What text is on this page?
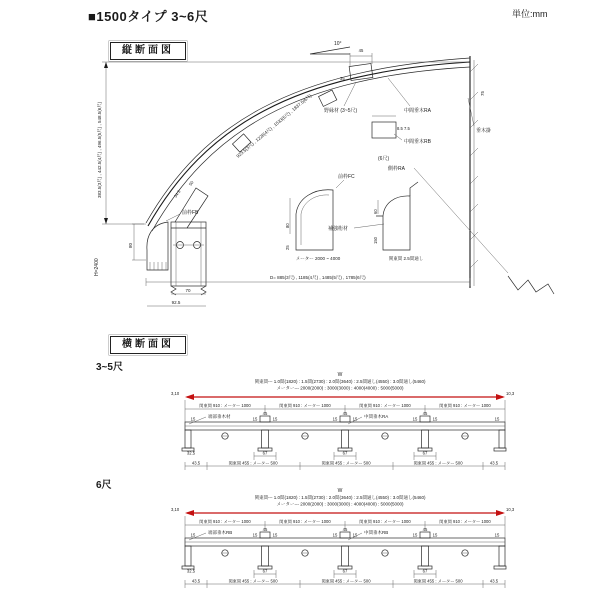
■1500タイプ 3~6尺	単位:mm
縦断面図
10°
383.5(3尺) , 442.5(4尺) , 496.5(5尺) , 548.5(6尺)	923.5(3尺) , 1228(4尺) , 1533(5尺) , 1837.5(6尺)
H=2400
50
34.5
80
70
92.5
前枠FB
45
35
8.5 7.5
野縁材 (3~5尺)	中間垂木RA
中間垂木RB
(6尺)
垂木掛
75
側枠RA
80
25
前枠FC
メーター 2000 ~ 4000
60
150
補強桁材
関東間 2.5間通し
D= 885(3尺) , 1185(4尺) , 1485(5尺) , 1785(6尺)
横断面図
3~5尺
6尺
W
関東間--- 1.0間(1820) : 1.5間(2730) : 2.0間(3640) : 2.5間通し(4550) : 3.0間通し(5460)
メーター--- 2000(2000) : 3000(3000) : 4000(4000) : 5000(5000)
3,10	10,3
関東間 910 : メーター 1000	関東間 910 : メーター 1000	関東間 910 : メーター 1000	関東間 910 : メーター 1000
45	45	45
15	15	15	15	15	15
15	15
端部垂木材	中間垂木RA
67	67	67
32.5
43.5	関東間 455 : メーター 500	関東間 455 : メーター 500	関東間 455 : メーター 500	43.5
W
関東間--- 1.0間(1820) : 1.5間(2730) : 2.0間(3640) : 2.5間通し(4550) : 3.0間通し(5460)
メーター--- 2000(2000) : 3000(3000) : 4000(4000) : 5000(5000)
3,10	10,3
関東間 910 : メーター 1000	関東間 910 : メーター 1000	関東間 910 : メーター 1000	関東間 910 : メーター 1000
45	45	45
15	15	15	15	15	15
15	15
端部垂木RB	中間垂木RB
67	67	67
32.5
43.5	関東間 455 : メーター 500	関東間 455 : メーター 500	関東間 455 : メーター 500	43.5
